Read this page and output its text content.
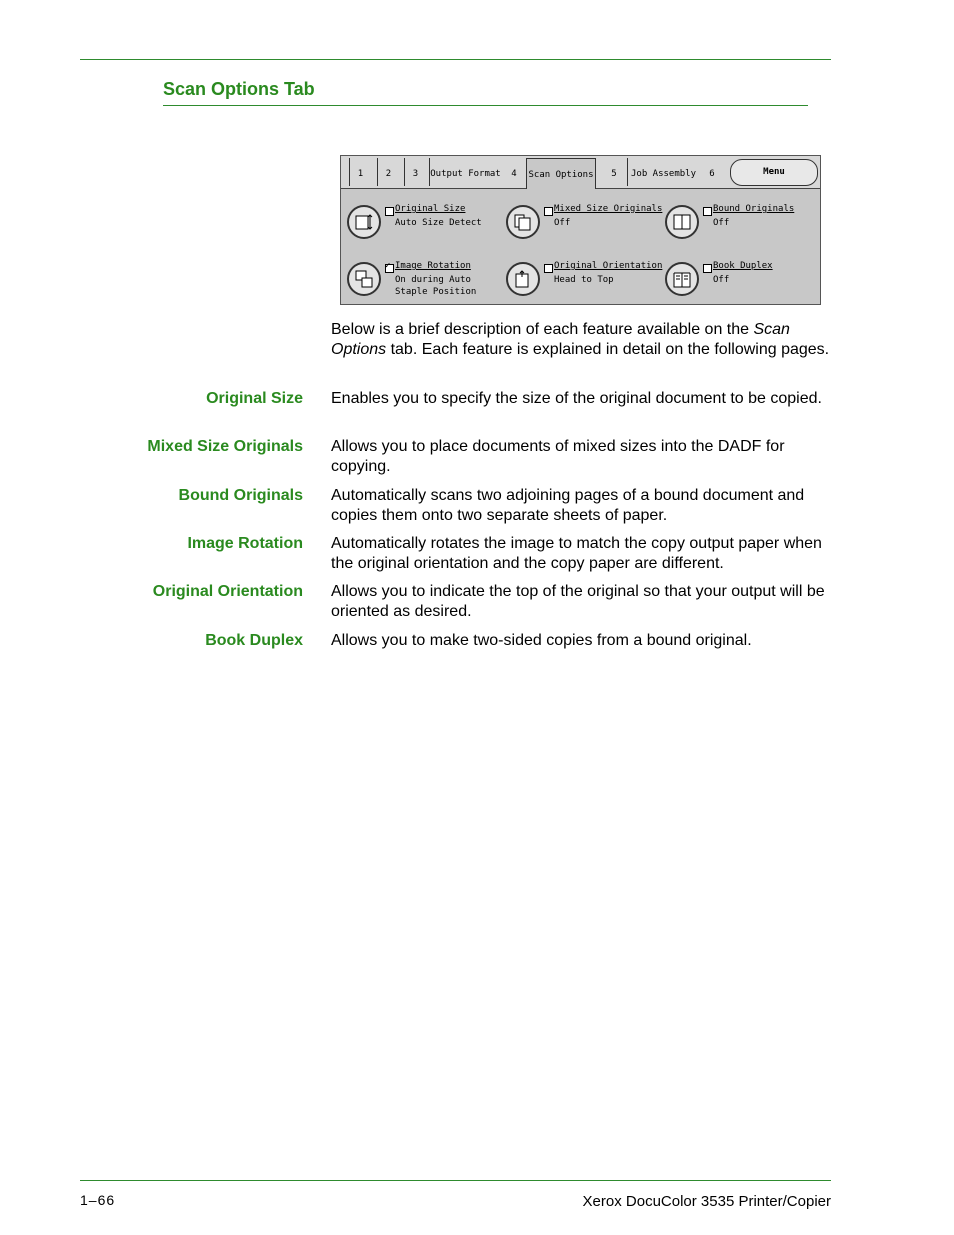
Scan Options Tab
1	2	3	Output Format	4	Scan Options	5	Job Assembly	6	Menu
Original Size
Auto Size Detect
Mixed Size Originals
Off
Bound Originals
Off
✓
Image Rotation
On during Auto
Staple Position
Original Orientation
Head to Top
Book Duplex
Off

Below is a brief description of each feature available on the Scan Options tab. Each feature is explained in detail on the following pages.

Original Size Enables you to specify the size of the original document to be copied.
Mixed Size Originals Allows you to place documents of mixed sizes into the DADF for copying.
Bound Originals Automatically scans two adjoining pages of a bound document and copies them onto two separate sheets of paper.
Image Rotation Automatically rotates the image to match the copy output paper when the original orientation and the copy paper are different.
Original Orientation Allows you to indicate the top of the original so that your output will be oriented as desired.
Book Duplex Allows you to make two-sided copies from a bound original.
1–66	Xerox DocuColor 3535 Printer/Copier
